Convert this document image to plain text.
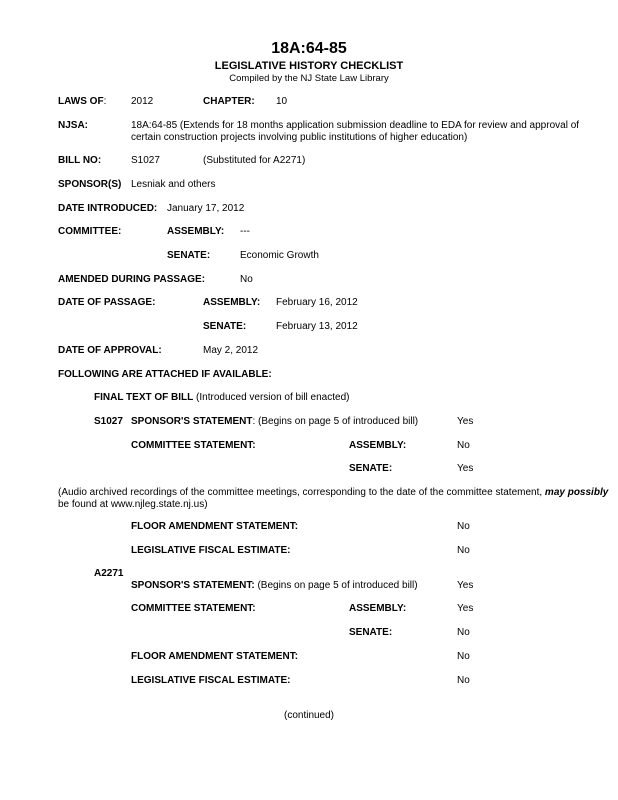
18A:64-85
LEGISLATIVE HISTORY CHECKLIST
Compiled by the NJ State Law Library
LAWS OF: 2012	CHAPTER: 10
NJSA:	18A:64-85 (Extends for 18 months application submission deadline to EDA for review and approval of
certain construction projects involving public institutions of higher education)
BILL NO:	S1027	(Substituted for A2271)
SPONSOR(S) Lesniak and others
DATE INTRODUCED: January 17, 2012
COMMITTEE:	ASSEMBLY: ---
SENATE:	Economic Growth
AMENDED DURING PASSAGE:	No
DATE OF PASSAGE:	ASSEMBLY: February 16, 2012
SENATE:	February 13, 2012
DATE OF APPROVAL:	May 2, 2012
FOLLOWING ARE ATTACHED IF AVAILABLE:
FINAL TEXT OF BILL (Introduced version of bill enacted)
S1027 SPONSOR'S STATEMENT: (Begins on page 5 of introduced bill)	Yes
COMMITTEE STATEMENT:	ASSEMBLY:	No
SENATE:	Yes
(Audio archived recordings of the committee meetings, corresponding to the date of the committee statement, may possibly
be found at www.njleg.state.nj.us)
FLOOR AMENDMENT STATEMENT:	No
LEGISLATIVE FISCAL ESTIMATE:	No
A2271
SPONSOR'S STATEMENT: (Begins on page 5 of introduced bill)	Yes
COMMITTEE STATEMENT:	ASSEMBLY:	Yes
SENATE:	No
FLOOR AMENDMENT STATEMENT:	No
LEGISLATIVE FISCAL ESTIMATE:	No
(continued)
